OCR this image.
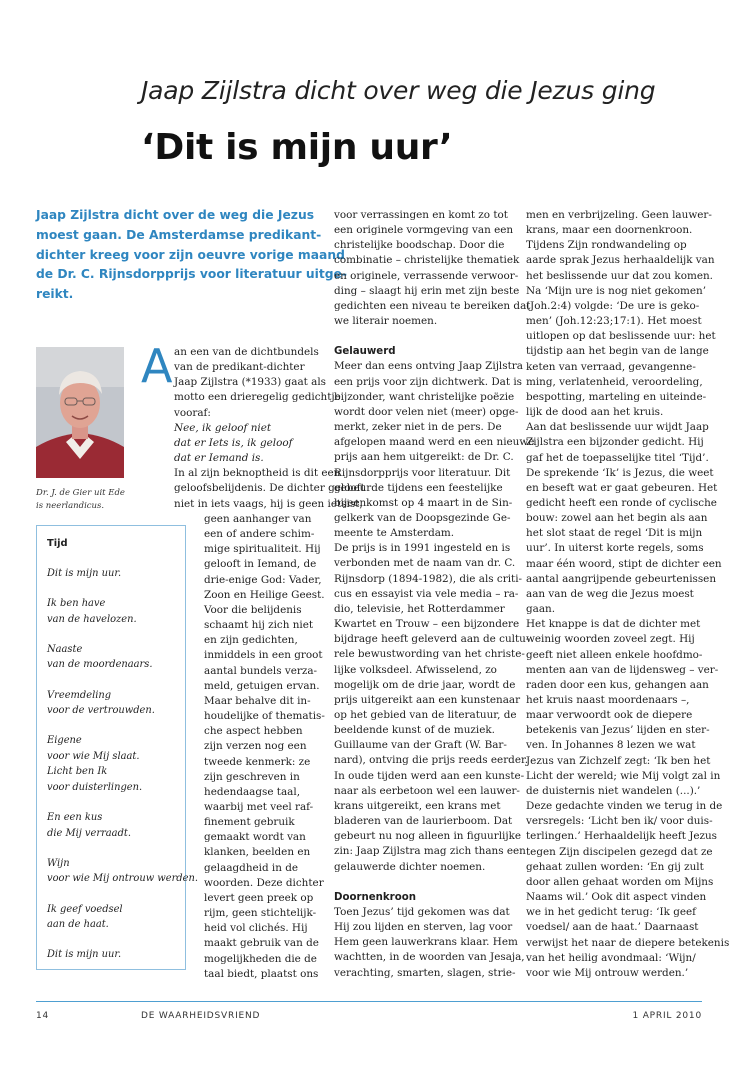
Jaap Zijlstra dicht over weg die Jezus ging
‘Dit is mijn uur’

Jaap Zijlstra dicht over de weg die Jezus

moest gaan. De Amsterdamse predikant-

dichter kreeg voor zijn oeuvre vorige maand

de Dr. C. Rijnsdorpprijs voor literatuur uitge-

reikt.

Dr. J. de Gier uit Ede

is neerlandicus.

A an een van de dichtbundels

van de predikant-dichter

Jaap Zijlstra (*1933) gaat als

motto een drieregelig gedichtje

vooraf:

Nee, ik geloof niet

dat er Iets is, ik geloof

dat er Iemand is.

In al zijn beknoptheid is dit een

geloofsbelijdenis. De dichter gelooft

niet in iets vaags, hij is geen ietsist,

geen aanhanger van

een of andere schim-

mige spiritualiteit. Hij

gelooft in Iemand, de

drie-enige God: Vader,

Zoon en Heilige Geest.

Voor die belijdenis

schaamt hij zich niet

en zijn gedichten,

inmiddels in een groot

aantal bundels verza-

meld, getuigen ervan.

Maar behalve dit in-

houdelijke of thematis-

che aspect hebben

zijn verzen nog een

tweede kenmerk: ze

zijn geschreven in

hedendaagse taal,

waarbij met veel raf-

finement gebruik

gemaakt wordt van

klanken, beelden en

gelaagdheid in de

woorden. Deze dichter

levert geen preek op

rijm, geen stichtelijk-

heid vol clichés. Hij

maakt gebruik van de

mogelijkheden die de

taal biedt, plaatst ons

Tijd

Dit is mijn uur.

Ik ben have

van de havelozen.

Naaste

van de moordenaars.

Vreemdeling

voor de vertrouwden.

Eigene

voor wie Mij slaat.

Licht ben Ik

voor duisterlingen.

En een kus

die Mij verraadt.

Wijn

voor wie Mij ontrouw werden.

Ik geef voedsel

aan de haat.

Dit is mijn uur.

voor verrassingen en komt zo tot

een originele vormgeving van een

christelijke boodschap. Door die

combinatie – christelijke thematiek

en originele, verrassende verwoor-

ding – slaagt hij erin met zijn beste

gedichten een niveau te bereiken dat

we literair noemen.

Gelauwerd

Meer dan eens ontving Jaap Zijlstra

een prijs voor zijn dichtwerk. Dat is

bijzonder, want christelijke poëzie

wordt door velen niet (meer) opge-

merkt, zeker niet in de pers. De

afgelopen maand werd en een nieuwe

prijs aan hem uitgereikt: de Dr. C.

Rijnsdorpprijs voor literatuur. Dit

gebeurde tijdens een feestelijke

bijeenkomst op 4 maart in de Sin-

gelkerk van de Doopsgezinde Ge-

meente te Amsterdam.

De prijs is in 1991 ingesteld en is

verbonden met de naam van dr. C.

Rijnsdorp (1894-1982), die als criti-

cus en essayist via vele media – ra-

dio, televisie, het Rotterdammer

Kwartet en Trouw – een bijzondere

bijdrage heeft geleverd aan de cultu-

rele bewustwording van het christe-

lijke volksdeel. Afwisselend, zo

mogelijk om de drie jaar, wordt de

prijs uitgereikt aan een kunstenaar

op het gebied van de literatuur, de

beeldende kunst of de muziek.

Guillaume van der Graft (W. Bar-

nard), ontving die prijs reeds eerder.

In oude tijden werd aan een kunste-

naar als eerbetoon wel een lauwer-

krans uitgereikt, een krans met

bladeren van de laurierboom. Dat

gebeurt nu nog alleen in figuurlijke

zin: Jaap Zijlstra mag zich thans een

gelauwerde dichter noemen.

Doornenkroon

Toen Jezus’ tijd gekomen was dat

Hij zou lijden en sterven, lag voor

Hem geen lauwerkrans klaar. Hem

wachtten, in de woorden van Jesaja,

verachting, smarten, slagen, strie-

men en verbrijzeling. Geen lauwer-

krans, maar een doornenkroon.

Tijdens Zijn rondwandeling op

aarde sprak Jezus herhaaldelijk van

het beslissende uur dat zou komen.

Na ‘Mijn ure is nog niet gekomen’

(Joh.2:4) volgde: ‘De ure is geko-

men’ (Joh.12:23;17:1). Het moest

uitlopen op dat beslissende uur: het

tijdstip aan het begin van de lange

keten van verraad, gevangenne-

ming, verlatenheid, veroordeling,

bespotting, marteling en uiteinde-

lijk de dood aan het kruis.

Aan dat beslissende uur wijdt Jaap

Zijlstra een bijzonder gedicht. Hij

gaf het de toepasselijke titel ‘Tijd’.

De sprekende ‘Ik’ is Jezus, die weet

en beseft wat er gaat gebeuren. Het

gedicht heeft een ronde of cyclische

bouw: zowel aan het begin als aan

het slot staat de regel ‘Dit is mijn

uur’. In uiterst korte regels, soms

maar één woord, stipt de dichter een

aantal aangrijpende gebeurtenissen

aan van de weg die Jezus moest

gaan.

Het knappe is dat de dichter met

weinig woorden zoveel zegt. Hij

geeft niet alleen enkele hoofdmo-

menten aan van de lijdensweg – ver-

raden door een kus, gehangen aan

het kruis naast moordenaars –,

maar verwoordt ook de diepere

betekenis van Jezus’ lijden en ster-

ven. In Johannes 8 lezen we wat

Jezus van Zichzelf zegt: ‘Ik ben het

Licht der wereld; wie Mij volgt zal in

de duisternis niet wandelen (...).’

Deze gedachte vinden we terug in de

versregels: ‘Licht ben ik/ voor duis-

terlingen.’ Herhaaldelijk heeft Jezus

tegen Zijn discipelen gezegd dat ze

gehaat zullen worden: ‘En gij zult

door allen gehaat worden om Mijns

Naams wil.’ Ook dit aspect vinden

we in het gedicht terug: ‘Ik geef

voedsel/ aan de haat.’ Daarnaast

verwijst het naar de diepere betekenis

van het heilig avondmaal: ‘Wijn/

voor wie Mij ontrouw werden.’

14	DE WAARHEIDSVRIEND	1 APRIL 2010
